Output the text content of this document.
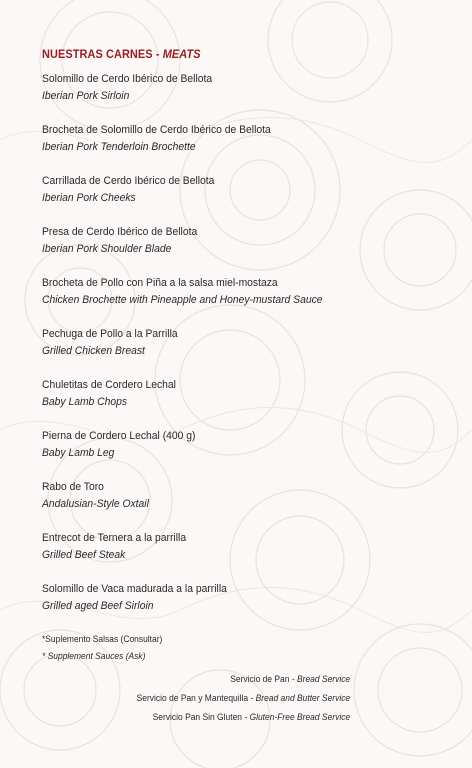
NUESTRAS CARNES - MEATS
Solomillo de Cerdo Ibérico de Bellota
Iberian Pork Sirloin
Brocheta de Solomillo de Cerdo Ibérico de Bellota
Iberian Pork Tenderloin Brochette
Carrillada de Cerdo Ibérico de Bellota
Iberian Pork Cheeks
Presa de Cerdo Ibérico de Bellota
Iberian Pork Shoulder Blade
Brocheta de Pollo con Piña a la salsa miel-mostaza
Chicken Brochette with Pineapple and Honey-mustard Sauce
Pechuga de Pollo a la Parrilla
Grilled Chicken Breast
Chuletitas de Cordero Lechal
Baby Lamb Chops
Pierna de Cordero Lechal (400 g)
Baby Lamb Leg
Rabo de Toro
Andalusian-Style Oxtail
Entrecot de Ternera a la parrilla
Grilled Beef Steak
Solomillo de Vaca madurada a la parrilla
Grilled aged Beef Sirloin
*Suplemento Salsas (Consultar)
* Supplement Sauces (Ask)
Servicio de Pan - Bread Service
Servicio de Pan y Mantequilla - Bread and Butter Service
Servicio Pan Sin Gluten - Gluten-Free Bread Service
